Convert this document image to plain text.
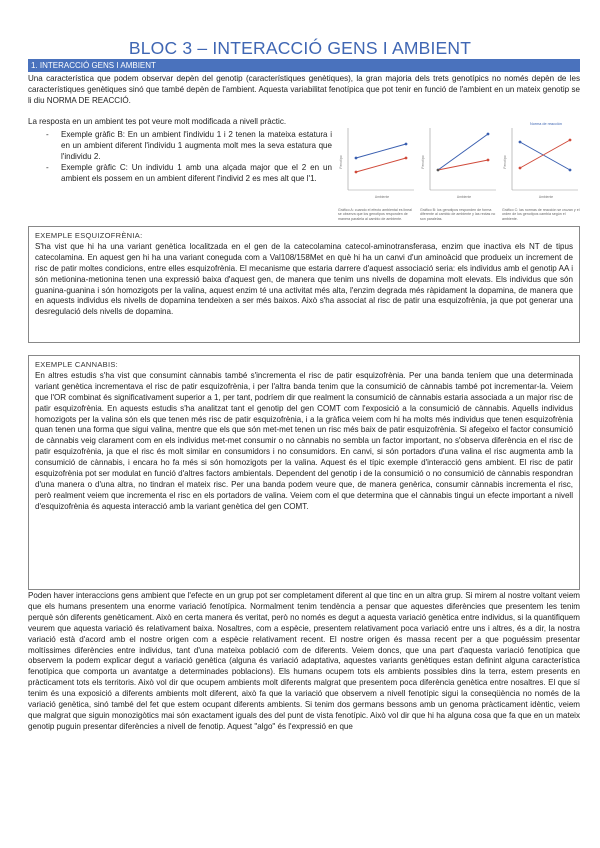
BLOC 3 – INTERACCIÓ GENS I AMBIENT
1. INTERACCIÓ GENS I AMBIENT
Una característica que podem observar depèn del genotip (característiques genètiques), la gran majoria dels trets genotípics no només depèn de les característiques genètiques sinó que també depèn de l'ambient. Aquesta variabilitat fenotípica que pot tenir en funció de l'ambient en un mateix genotip se li diu NORMA DE REACCIÓ.
La resposta en un ambient tes pot veure molt modificada a nivell pràctic.
- Exemple gràfic B: En un ambient l'individu 1 i 2 tenen la mateixa estatura i en un ambient diferent l'individu 1 augmenta molt mes la seva estatura que l'individu 2.
- Exemple gràfic C: Un individu 1 amb una alçada major que el 2 en un ambient els possem en un ambient diferent l'individ 2 es mes alt que l'1.
Ambiente
Fenotipo
Gráfico A: cuando el efecto ambiental es lineal se observa que los genotipos responden de manera paralela al cambio de ambiente.
Ambiente
Fenotipo
Gráfico B: los genotipos responden de forma diferente al cambio de ambiente y las rectas no son paralelas.
Norma de reacción
Ambiente
Fenotipo
Gráfico C: las normas de reacción se cruzan y el orden de los genotipos cambia según el ambiente.
EXEMPLE ESQUIZOFRÈNIA:
S'ha vist que hi ha una variant genètica localitzada en el gen de la catecolamina catecol-aminotransferasa, enzim que inactiva els NT de tipus catecolamina. En aquest gen hi ha una variant coneguda com a Val108/158Met en què hi ha un canvi d'un aminoàcid que produeix un increment de risc de patir moltes condicions, entre elles esquizofrènia. El mecanisme que estaria darrere d'aquest associació seria: els individus amb el genotip AA i són metionina-metionina tenen una expressió baixa d'aquest gen, de manera que tenim uns nivells de dopamina molt elevats. Els individus que són guanina-guanina i són homozigots per la valina, aquest enzim té una activitat més alta, l'enzim degrada més ràpidament la dopamina, de manera que en aquests individus els nivells de dopamina tendeixen a ser més baixos. Això s'ha associat al risc de patir una esquizofrènia, ja que pot generar una desregulació dels nivells de dopamina.
EXEMPLE CANNABIS:
En altres estudis s'ha vist que consumint cànnabis també s'incrementa el risc de patir esquizofrènia. Per una banda teníem que una determinada variant genètica incrementava el risc de patir esquizofrènia, i per l'altra banda tenim que la consumició de cànnabis també pot incrementar-la. Veiem que l'OR combinat és significativament superior a 1, per tant, podríem dir que realment la consumició de cànnabis estaria associada a un major risc de patir esquizofrènia. En aquests estudis s'ha analitzat tant el genotip del gen COMT com l'exposició a la consumició de cànnabis. Aquells individus homozigots per la valina són els que tenen més risc de patir esquizofrènia, i a la gràfica veiem com hi ha molts més individus que tenen esquizofrènia quan tenen una forma que sigui valina, mentre que els que són met-met tenen un risc més baix de patir esquizofrènia. Si afegeixo el factor consumició de cànnabis veig clarament com en els individus met-met consumir o no cànnabis no sembla un factor important, no s'observa diferència en el risc de patir esquizofrènia, ja que el risc és molt similar en consumidors i no consumidors. En canvi, si són portadors d'una valina el risc augmenta amb la consumició de cànnabis, i encara ho fa més si són homozigots per la valina. Aquest és el típic exemple d'interacció gens ambient. El risc de patir esquizofrènia pot ser modulat en funció d'altres factors ambientals. Dependent del genotip i de la consumició o no consumició de cànnabis respondran d'una manera o d'una altra, no tindran el mateix risc. Per una banda podem veure que, de manera genèrica, consumir cànnabis incrementa el risc, però realment veiem que incrementa el risc en els portadors de valina. Veiem com el que determina que el cànnabis tingui un efecte important a nivell d'esquizofrènia és aquesta interacció amb la variant genètica del gen COMT.
Poden haver interaccions gens ambient que l'efecte en un grup pot ser completament diferent al que tinc en un altra grup. Si mirem al nostre voltant veiem que els humans presentem una enorme variació fenotípica. Normalment tenim tendència a pensar que aquestes diferències que presentem les tenim perquè són diferents genèticament. Això en certa manera és veritat, però no només es degut a aquesta variació genètica entre individus, si la quantifiquem veurem que aquesta variació és relativament baixa. Nosaltres, com a espècie, presentem relativament poca variació entre uns i altres, és a dir, la nostra variació està d'acord amb el nostre origen com a espècie relativament recent. El nostre origen és massa recent per a que poguéssim presentar moltíssimes diferències entre individus, tant d'una mateixa població com de diferents. Veiem doncs, que una part d'aquesta variació fenotípica que observem la podem explicar degut a variació genètica (alguna és variació adaptativa, aquestes variants genètiques estan definint alguna característica fenotípica que comporta un avantatge a determinades poblacions). Els humans ocupem tots els ambients possibles dins la terra, estem presents en pràcticament tots els territoris. Això vol dir que ocupem ambients molt diferents malgrat que presentem poca diferència genètica entre nosaltres. El que sí tenim és una exposició a diferents ambients molt diferent, això fa que la variació que observem a nivell fenotípic sigui la conseqüència no només de la variació genètica, sinó també del fet que estem ocupant diferents ambients. Si tenim dos germans bessons amb un genoma pràcticament idèntic, veiem que malgrat que siguin monozigòtics mai són exactament iguals des del punt de vista fenotípic. Això vol dir que hi ha alguna cosa que fa que en un mateix genotip puguin presentar diferències a nivell de fenotip. Aquest "algo" és l'expressió en que
